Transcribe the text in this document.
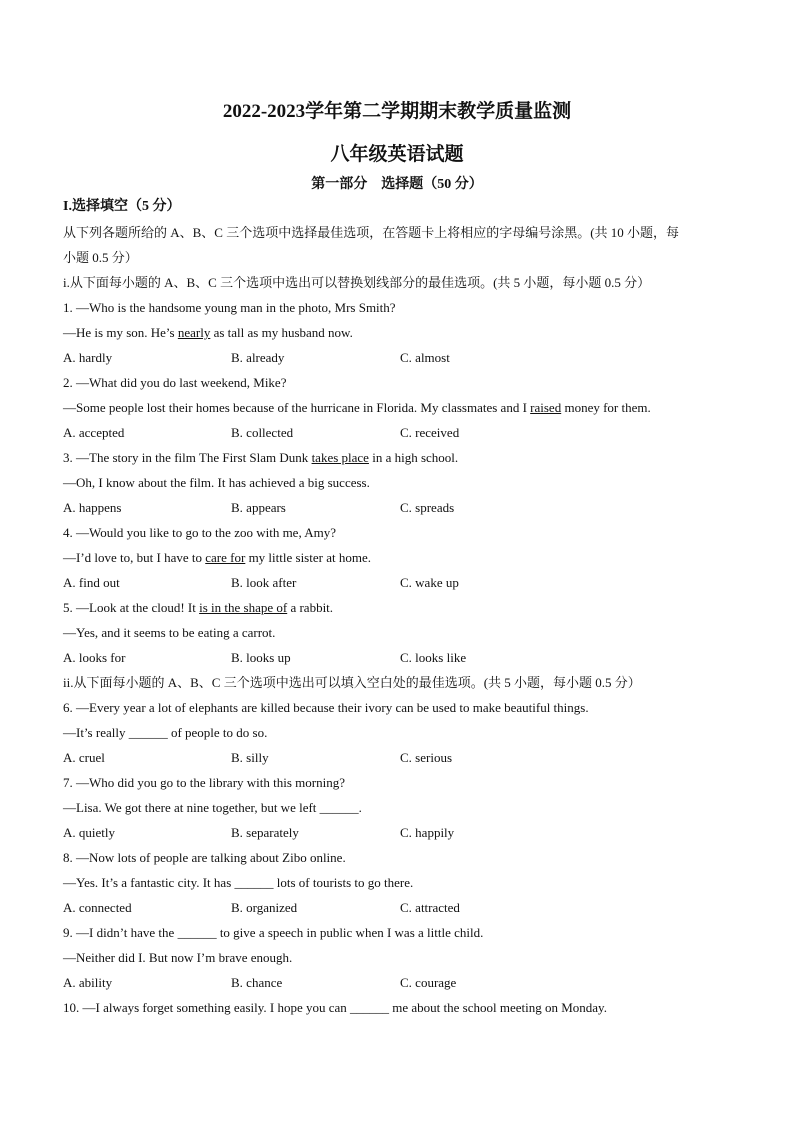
2022-2023学年第二学期期末教学质量监测
八年级英语试题
第一部分　选择题（50 分）
I.选择填空（5 分）
从下列各题所给的 A、B、C 三个选项中选择最佳选项，在答题卡上将相应的字母编号涂黑。(共 10 小题，每
小题 0.5 分）
i.从下面每小题的 A、B、C 三个选项中选出可以替换划线部分的最佳选项。(共 5 小题，每小题 0.5 分）
1. —Who is the handsome young man in the photo, Mrs Smith?
—He is my son. He’s nearly as tall as my husband now.
A. hardly	B. already	C. almost
2. —What did you do last weekend, Mike?
—Some people lost their homes because of the hurricane in Florida. My classmates and I raised money for them.
A. accepted	B. collected	C. received
3. —The story in the film The First Slam Dunk takes place in a high school.
—Oh, I know about the film. It has achieved a big success.
A. happens	B. appears	C. spreads
4. —Would you like to go to the zoo with me, Amy?
—I’d love to, but I have to care for my little sister at home.
A. find out	B. look after	C. wake up
5. —Look at the cloud! It is in the shape of a rabbit.
—Yes, and it seems to be eating a carrot.
A. looks for	B. looks up	C. looks like
ii.从下面每小题的 A、B、C 三个选项中选出可以填入空白处的最佳选项。(共 5 小题，每小题 0.5 分）
6. —Every year a lot of elephants are killed because their ivory can be used to make beautiful things.
—It’s really ______ of people to do so.
A. cruel	B. silly	C. serious
7. —Who did you go to the library with this morning?
—Lisa. We got there at nine together, but we left ______.
A. quietly	B. separately	C. happily
8. —Now lots of people are talking about Zibo online.
—Yes. It’s a fantastic city. It has ______ lots of tourists to go there.
A. connected	B. organized	C. attracted
9. —I didn’t have the ______ to give a speech in public when I was a little child.
—Neither did I. But now I’m brave enough.
A. ability	B. chance	C. courage
10. —I always forget something easily. I hope you can ______ me about the school meeting on Monday.
